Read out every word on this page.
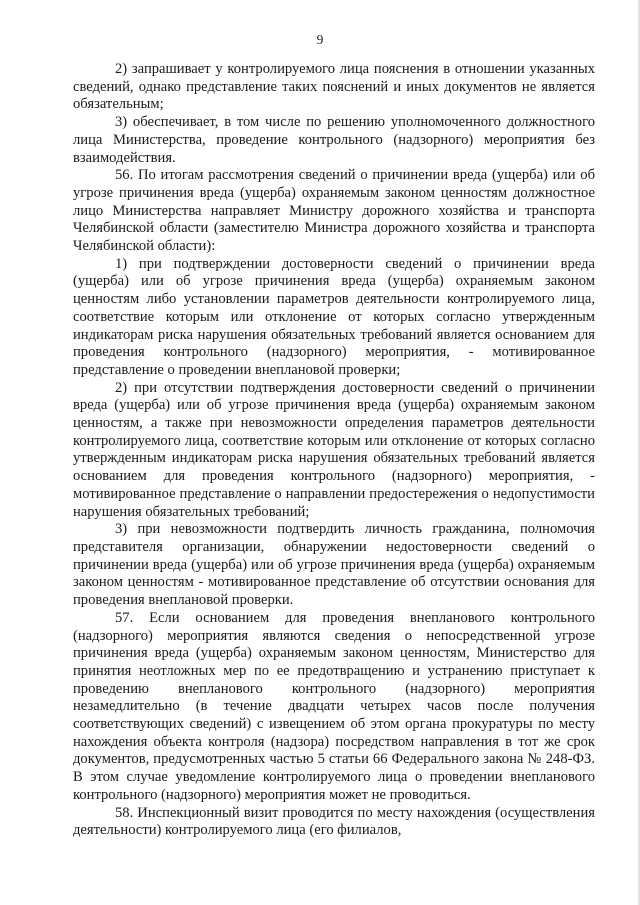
9

2) запрашивает у контролируемого лица пояснения в отношении указанных сведений, однако представление таких пояснений и иных документов не является обязательным;

3) обеспечивает, в том числе по решению уполномоченного должностного лица Министерства, проведение контрольного (надзорного) мероприятия без взаимодействия.

56. По итогам рассмотрения сведений о причинении вреда (ущерба) или об угрозе причинения вреда (ущерба) охраняемым законом ценностям должностное лицо Министерства направляет Министру дорожного хозяйства и транспорта Челябинской области (заместителю Министра дорожного хозяйства и транспорта Челябинской области):

1) при подтверждении достоверности сведений о причинении вреда (ущерба) или об угрозе причинения вреда (ущерба) охраняемым законом ценностям либо установлении параметров деятельности контролируемого лица, соответствие которым или отклонение от которых согласно утвержденным индикаторам риска нарушения обязательных требований является основанием для проведения контрольного (надзорного) мероприятия, - мотивированное представление о проведении внеплановой проверки;

2) при отсутствии подтверждения достоверности сведений о причинении вреда (ущерба) или об угрозе причинения вреда (ущерба) охраняемым законом ценностям, а также при невозможности определения параметров деятельности контролируемого лица, соответствие которым или отклонение от которых согласно утвержденным индикаторам риска нарушения обязательных требований является основанием для проведения контрольного (надзорного) мероприятия, - мотивированное представление о направлении предостережения о недопустимости нарушения обязательных требований;

3) при невозможности подтвердить личность гражданина, полномочия представителя организации, обнаружении недостоверности сведений о причинении вреда (ущерба) или об угрозе причинения вреда (ущерба) охраняемым законом ценностям - мотивированное представление об отсутствии основания для проведения внеплановой проверки.

57. Если основанием для проведения внепланового контрольного (надзорного) мероприятия являются сведения о непосредственной угрозе причинения вреда (ущерба) охраняемым законом ценностям, Министерство для принятия неотложных мер по ее предотвращению и устранению приступает к проведению внепланового контрольного (надзорного) мероприятия незамедлительно (в течение двадцати четырех часов после получения соответствующих сведений) с извещением об этом органа прокуратуры по месту нахождения объекта контроля (надзора) посредством направления в тот же срок документов, предусмотренных частью 5 статьи 66 Федерального закона № 248-ФЗ. В этом случае уведомление контролируемого лица о проведении внепланового контрольного (надзорного) мероприятия может не проводиться.

58. Инспекционный визит проводится по месту нахождения (осуществления деятельности) контролируемого лица (его филиалов,
